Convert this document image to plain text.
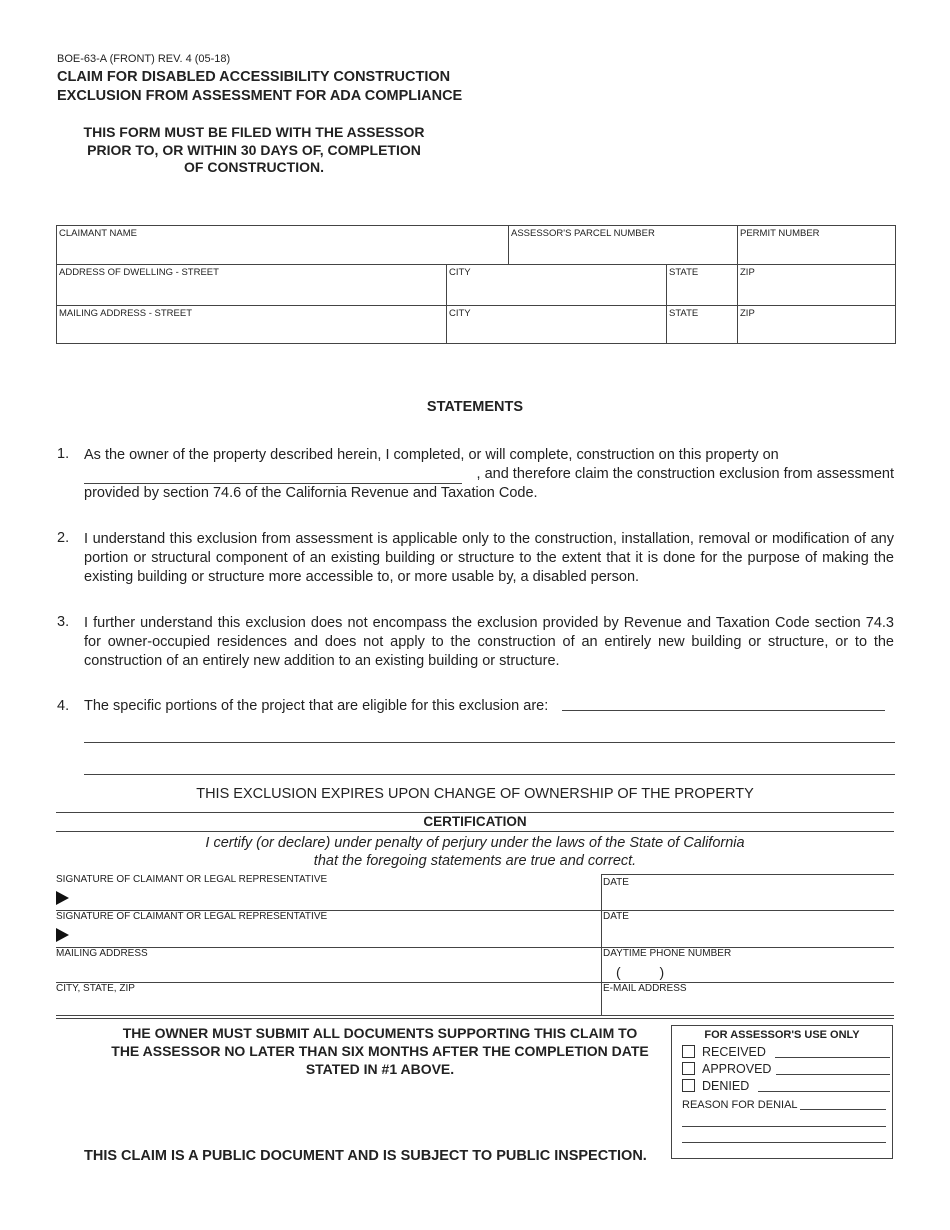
BOE-63-A (FRONT) REV. 4 (05-18)
CLAIM FOR DISABLED ACCESSIBILITY CONSTRUCTION
EXCLUSION FROM ASSESSMENT FOR ADA COMPLIANCE
THIS FORM MUST BE FILED WITH THE ASSESSOR
PRIOR TO, OR WITHIN 30 DAYS OF, COMPLETION
OF CONSTRUCTION.
CLAIMANT NAME	ASSESSOR'S PARCEL NUMBER	PERMIT NUMBER
ADDRESS OF DWELLING - STREET	CITY	STATE	ZIP
MAILING ADDRESS - STREET	CITY	STATE	ZIP
STATEMENTS
1. As the owner of the property described herein, I completed, or will complete, construction on this property on
, and therefore claim the construction exclusion from assessment
provided by section 74.6 of the California Revenue and Taxation Code.
2. I understand this exclusion from assessment is applicable only to the construction, installation, removal or modification of any portion or structural component of an existing building or structure to the extent that it is done for the purpose of making the existing building or structure more accessible to, or more usable by, a disabled person.
3. I further understand this exclusion does not encompass the exclusion provided by Revenue and Taxation Code section 74.3 for owner-occupied residences and does not apply to the construction of an entirely new building or structure, or to the construction of an entirely new addition to an existing building or structure.
4. The specific portions of the project that are eligible for this exclusion are:
THIS EXCLUSION EXPIRES UPON CHANGE OF OWNERSHIP OF THE PROPERTY
CERTIFICATION
I certify (or declare) under penalty of perjury under the laws of the State of California
that the foregoing statements are true and correct.
SIGNATURE OF CLAIMANT OR LEGAL REPRESENTATIVE	DATE
SIGNATURE OF CLAIMANT OR LEGAL REPRESENTATIVE	DATE
MAILING ADDRESS	DAYTIME PHONE NUMBER
(          )
CITY, STATE, ZIP	E-MAIL ADDRESS
THE OWNER MUST SUBMIT ALL DOCUMENTS SUPPORTING THIS CLAIM TO
THE ASSESSOR NO LATER THAN SIX MONTHS AFTER THE COMPLETION DATE
STATED IN #1 ABOVE.
THIS CLAIM IS A PUBLIC DOCUMENT AND IS SUBJECT TO PUBLIC INSPECTION.
FOR ASSESSOR'S USE ONLY
RECEIVED
APPROVED
DENIED
REASON FOR DENIAL
